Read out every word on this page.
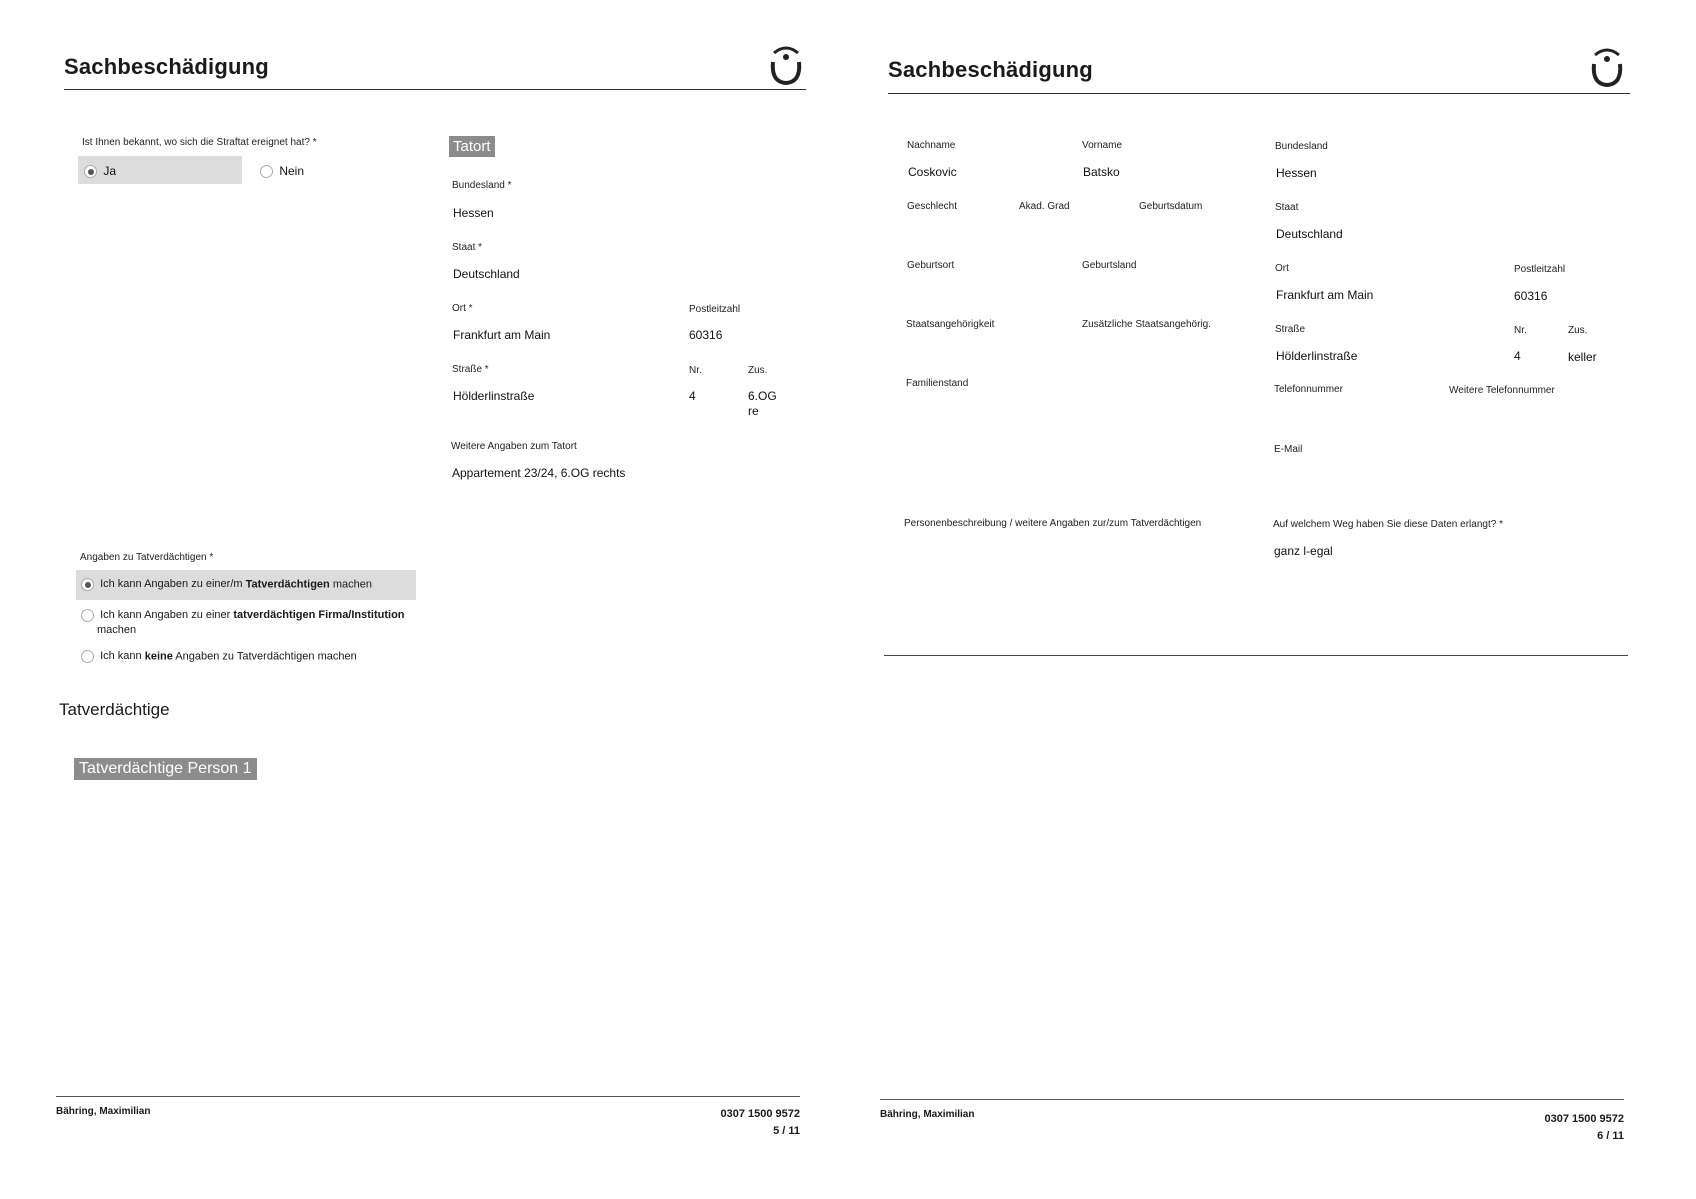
Sachbeschädigung
Ist Ihnen bekannt, wo sich die Straftat ereignet hat? *
Ja	Nein
Tatort
Bundesland *
Hessen
Staat *
Deutschland
Ort *
Frankfurt am Main
Postleitzahl
60316
Straße *
Hölderlinstraße
Nr.
4
Zus.
6.OG
re
Weitere Angaben zum Tatort
Appartement 23/24, 6.OG rechts
Angaben zu Tatverdächtigen *
Ich kann Angaben zu einer/m Tatverdächtigen machen
Ich kann Angaben zu einer tatverdächtigen Firma/Institution
machen
Ich kann keine Angaben zu Tatverdächtigen machen
Tatverdächtige
Tatverdächtige Person 1
Bähring, Maximilian	0307 1500 9572
5 / 11
Sachbeschädigung
Nachname
Coskovic
Vorname
Batsko
Geschlecht	Akad. Grad	Geburtsdatum
Geburtsort	Geburtsland
Staatsangehörigkeit	Zusätzliche Staatsangehörig.
Familienstand
Bundesland
Hessen
Staat
Deutschland
Ort
Frankfurt am Main
Postleitzahl
60316
Straße
Hölderlinstraße
Nr.
4
Zus.
keller
Telefonnummer	Weitere Telefonnummer
E-Mail
Personenbeschreibung / weitere Angaben zur/zum Tatverdächtigen	Auf welchem Weg haben Sie diese Daten erlangt? *
ganz l-egal
Bähring, Maximilian	0307 1500 9572
6 / 11
